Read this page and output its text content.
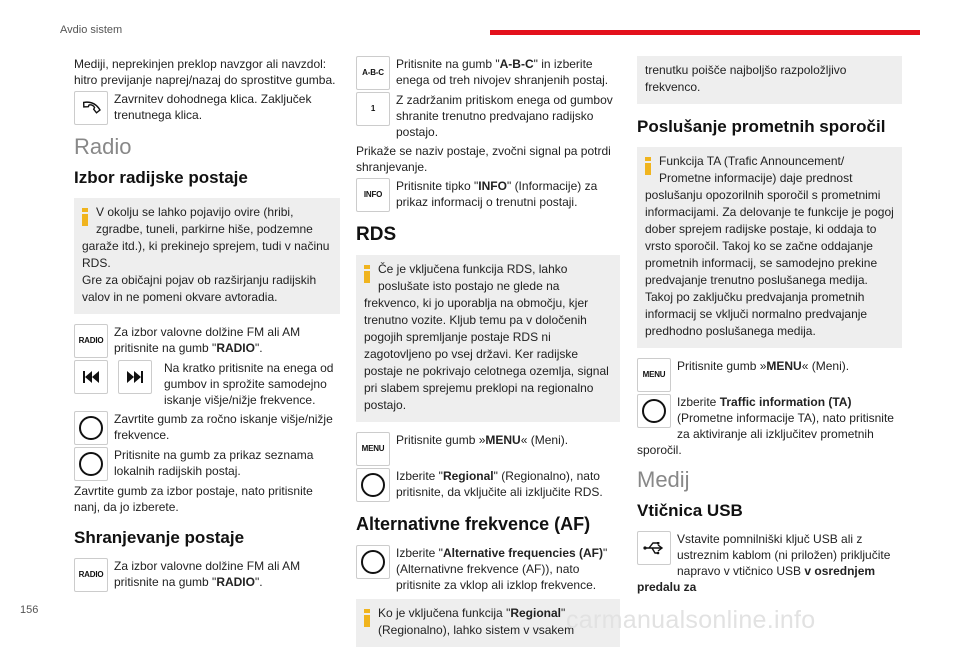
Avdio sistem

Mediji, neprekinjen preklop navzgor ali navzdol: hitro previjanje naprej/nazaj do sprostitve gumba.

Zavrnitev dohodnega klica. Zaključek trenutnega klica.
Radio
Izbor radijske postaje
V okolju se lahko pojavijo ovire (hribi, zgradbe, tuneli, parkirne hiše, podzemne garaže itd.), ki prekinejo sprejem, tudi v načinu RDS.
Gre za običajni pojav ob razširjanju radijskih valov in ne pomeni okvare avtoradia.
RADIO
Za izbor valovne dolžine FM ali AM pritisnite na gumb "RADIO".
Na kratko pritisnite na enega od gumbov in sprožite samodejno iskanje višje/nižje frekvence.
Zavrtite gumb za ročno iskanje višje/nižje frekvence.
Pritisnite na gumb za prikaz seznama lokalnih radijskih postaj.

Zavrtite gumb za izbor postaje, nato pritisnite nanj, da jo izberete.

Shranjevanje postaje
RADIO
Za izbor valovne dolžine FM ali AM pritisnite na gumb "RADIO".
A-B-C
Pritisnite na gumb "A-B-C" in izberite enega od treh nivojev shranjenih postaj.
1
Z zadržanim pritiskom enega od gumbov shranite trenutno predvajano radijsko postajo.

Prikaže se naziv postaje, zvočni signal pa potrdi shranjevanje.

INFO
Pritisnite tipko "INFO" (Informacije) za prikaz informacij o trenutni postaji.
RDS
Če je vključena funkcija RDS, lahko poslušate isto postajo ne glede na frekvenco, ki jo uporablja na območju, kjer trenutno vozite. Kljub temu pa v določenih pogojih spremljanje postaje RDS ni zagotovljeno po vsej državi. Ker radijske postaje ne pokrivajo celotnega ozemlja, signal pri slabem sprejemu preklopi na regionalno postajo.
MENU
Pritisnite gumb »MENU« (Meni).
Izberite "Regional" (Regionalno), nato pritisnite, da vključite ali izključite RDS.
Alternativne frekvence (AF)
Izberite "Alternative frequencies (AF)" (Alternativne frekvence (AF)), nato pritisnite za vklop ali izklop frekvence.
Ko je vključena funkcija "Regional" (Regionalno), lahko sistem v vsakem
trenutku poišče najboljšo razpoložljivo frekvenco.
Poslušanje prometnih sporočil
Funkcija TA (Trafic Announcement/ Prometne informacije) daje prednost poslušanju opozorilnih sporočil s prometnimi informacijami. Za delovanje te funkcije je pogoj dober sprejem radijske postaje, ki oddaja to vrsto sporočil. Takoj ko se začne oddajanje prometnih informacij, se samodejno prekine predvajanje trenutno poslušanega medija. Takoj po zaključku predvajanja prometnih informacij se vključi normalno predvajanje predhodno poslušanega medija.
MENU
Pritisnite gumb »MENU« (Meni).
Izberite Traffic information (TA) (Prometne informacije TA), nato pritisnite za aktiviranje ali izključitev prometnih sporočil.
Medij
Vtičnica USB
Vstavite pomnilniški ključ USB ali z ustreznim kablom (ni priložen) priključite napravo v vtičnico USB v osrednjem predalu za
156	carmanualsonline.info
